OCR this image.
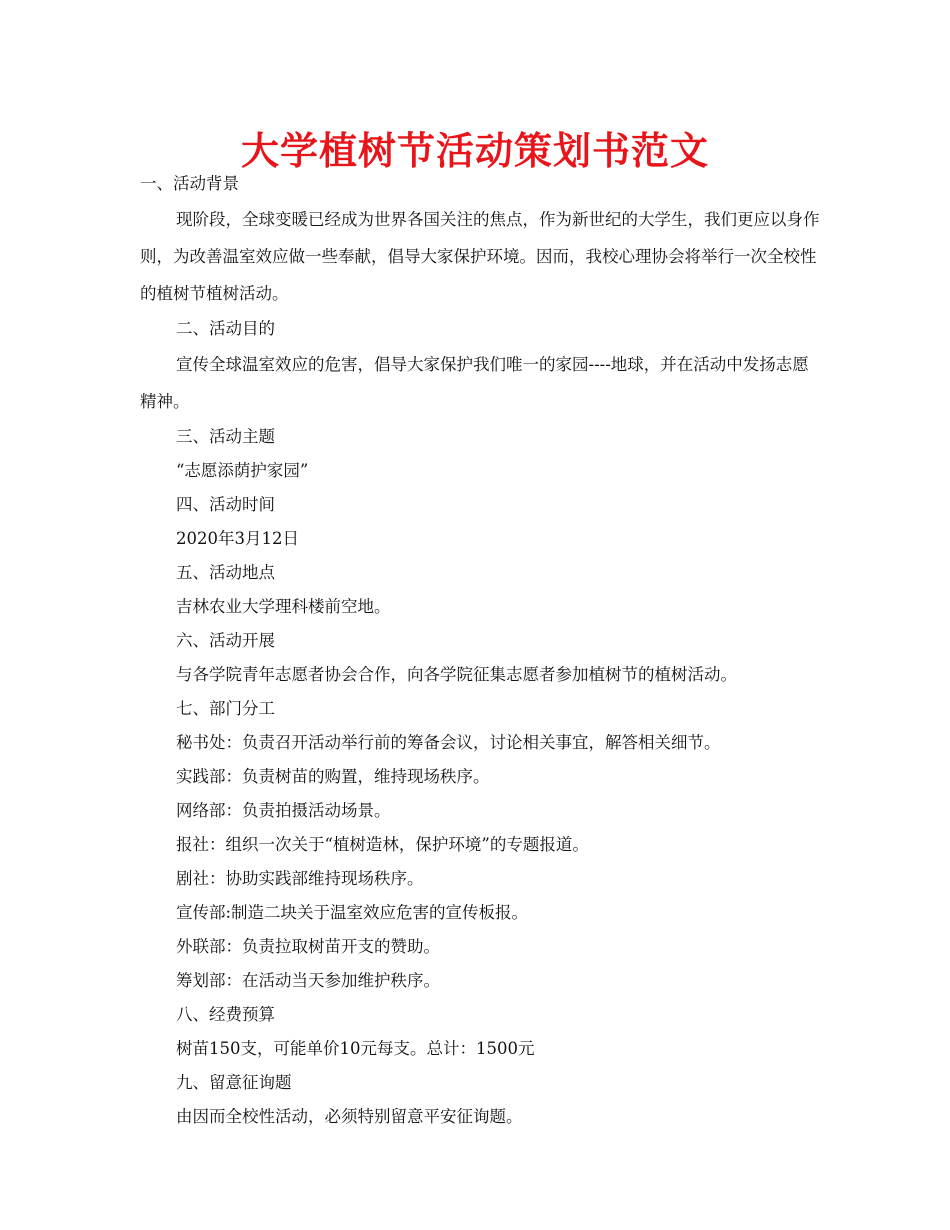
大学植树节活动策划书范文

一、活动背景

现阶段，全球变暖已经成为世界各国关注的焦点，作为新世纪的大学生，我们更应以身作则，为改善温室效应做一些奉献，倡导大家保护环境。因而，我校心理协会将举行一次全校性的植树节植树活动。

二、活动目的

宣传全球温室效应的危害，倡导大家保护我们唯一的家园----地球，并在活动中发扬志愿精神。

三、活动主题

“志愿添荫护家园”

四、活动时间

2020年3月12日

五、活动地点

吉林农业大学理科楼前空地。

六、活动开展

与各学院青年志愿者协会合作，向各学院征集志愿者参加植树节的植树活动。

七、部门分工

秘书处：负责召开活动举行前的筹备会议，讨论相关事宜，解答相关细节。

实践部：负责树苗的购置，维持现场秩序。

网络部：负责拍摄活动场景。

报社：组织一次关于“植树造林，保护环境”的专题报道。

剧社：协助实践部维持现场秩序。

宣传部:制造二块关于温室效应危害的宣传板报。

外联部：负责拉取树苗开支的赞助。

筹划部：在活动当天参加维护秩序。

八、经费预算

树苗150支，可能单价10元每支。总计：1500元

九、留意征询题

由因而全校性活动，必须特别留意平安征询题。
